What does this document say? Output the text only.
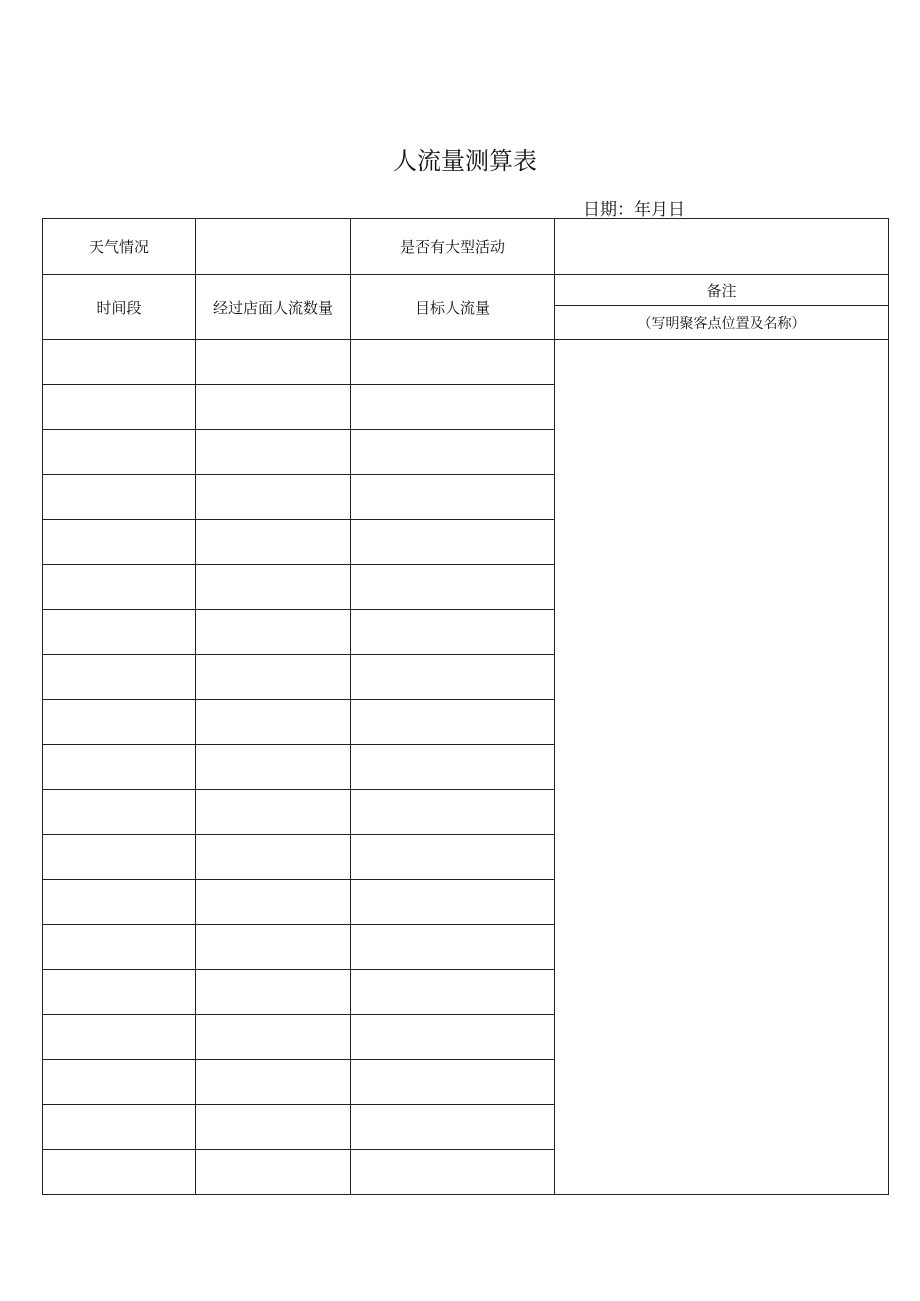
人流量测算表
日期：年月日
天气情况		是否有大型活动	
时间段	经过店面人流数量	目标人流量	备注
			（写明聚客点位置及名称）
